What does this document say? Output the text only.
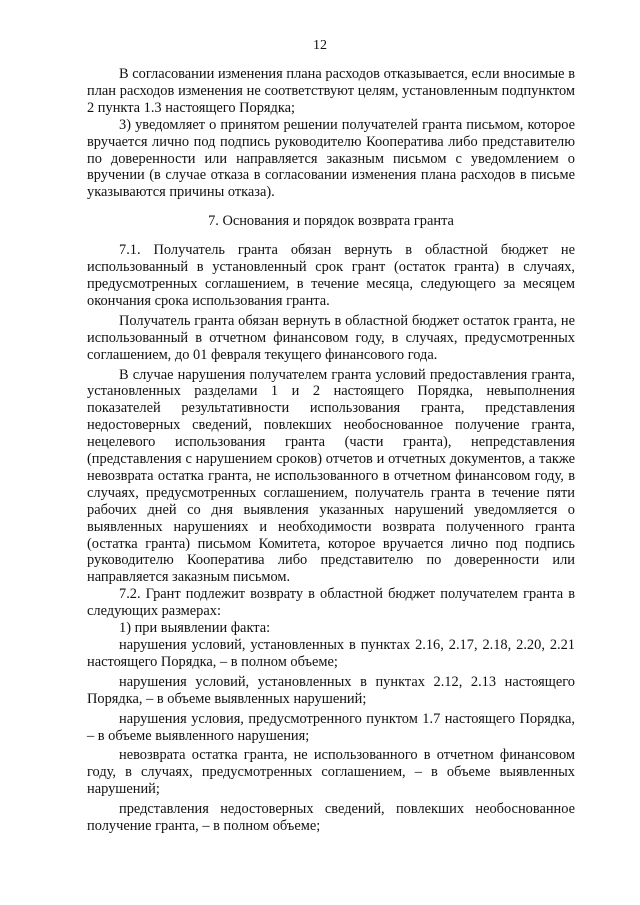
12

В согласовании изменения плана расходов отказывается, если вносимые в план расходов изменения не соответствуют целям, установленным подпунктом 2 пункта 1.3 настоящего Порядка;

3) уведомляет о принятом решении получателей гранта письмом, которое вручается лично под подпись руководителю Кооператива либо представителю по доверенности или направляется заказным письмом с уведомлением о вручении (в случае отказа в согласовании изменения плана расходов в письме указываются причины отказа).

7. Основания и порядок возврата гранта

7.1. Получатель гранта обязан вернуть в областной бюджет не использованный в установленный срок грант (остаток гранта) в случаях, предусмотренных соглашением, в течение месяца, следующего за месяцем окончания срока использования гранта.

Получатель гранта обязан вернуть в областной бюджет остаток гранта, не использованный в отчетном финансовом году, в случаях, предусмотренных соглашением, до 01 февраля текущего финансового года.

В случае нарушения получателем гранта условий предоставления гранта, установленных разделами 1 и 2 настоящего Порядка, невыполнения показателей результативности использования гранта, представления недостоверных сведений, повлекших необоснованное получение гранта, нецелевого использования гранта (части гранта), непредставления (представления с нарушением сроков) отчетов и отчетных документов, а также невозврата остатка гранта, не использованного в отчетном финансовом году, в случаях, предусмотренных соглашением, получатель гранта в течение пяти рабочих дней со дня выявления указанных нарушений уведомляется о выявленных нарушениях и необходимости возврата полученного гранта (остатка гранта) письмом Комитета, которое вручается лично под подпись руководителю Кооператива либо представителю по доверенности или направляется заказным письмом.

7.2. Грант подлежит возврату в областной бюджет получателем гранта в следующих размерах:

1) при выявлении факта:

нарушения условий, установленных в пунктах 2.16, 2.17, 2.18, 2.20, 2.21 настоящего Порядка, – в полном объеме;

нарушения условий, установленных в пунктах 2.12, 2.13 настоящего Порядка, – в объеме выявленных нарушений;

нарушения условия, предусмотренного пунктом 1.7 настоящего Порядка, – в объеме выявленного нарушения;

невозврата остатка гранта, не использованного в отчетном финансовом году, в случаях, предусмотренных соглашением, – в объеме выявленных нарушений;

представления недостоверных сведений, повлекших необоснованное получение гранта, – в полном объеме;
